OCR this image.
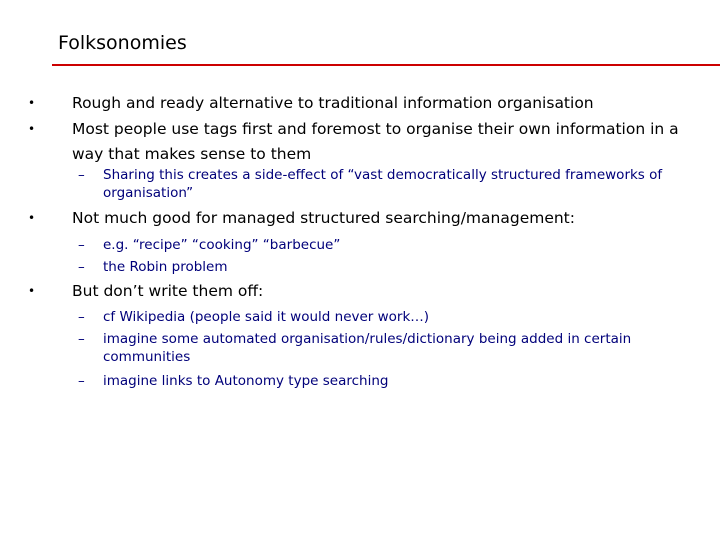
Folksonomies
• Rough and ready alternative to traditional information organisation
• Most people use tags first and foremost to organise their own information in a way that makes sense to them
– Sharing this creates a side-effect of “vast democratically structured frameworks of organisation”
• Not much good for managed structured searching/management:
– e.g. “recipe” “cooking” “barbecue”
– the Robin problem
• But don’t write them off:
– cf Wikipedia (people said it would never work…)
– imagine some automated organisation/rules/dictionary being added in certain communities
– imagine links to Autonomy type searching
